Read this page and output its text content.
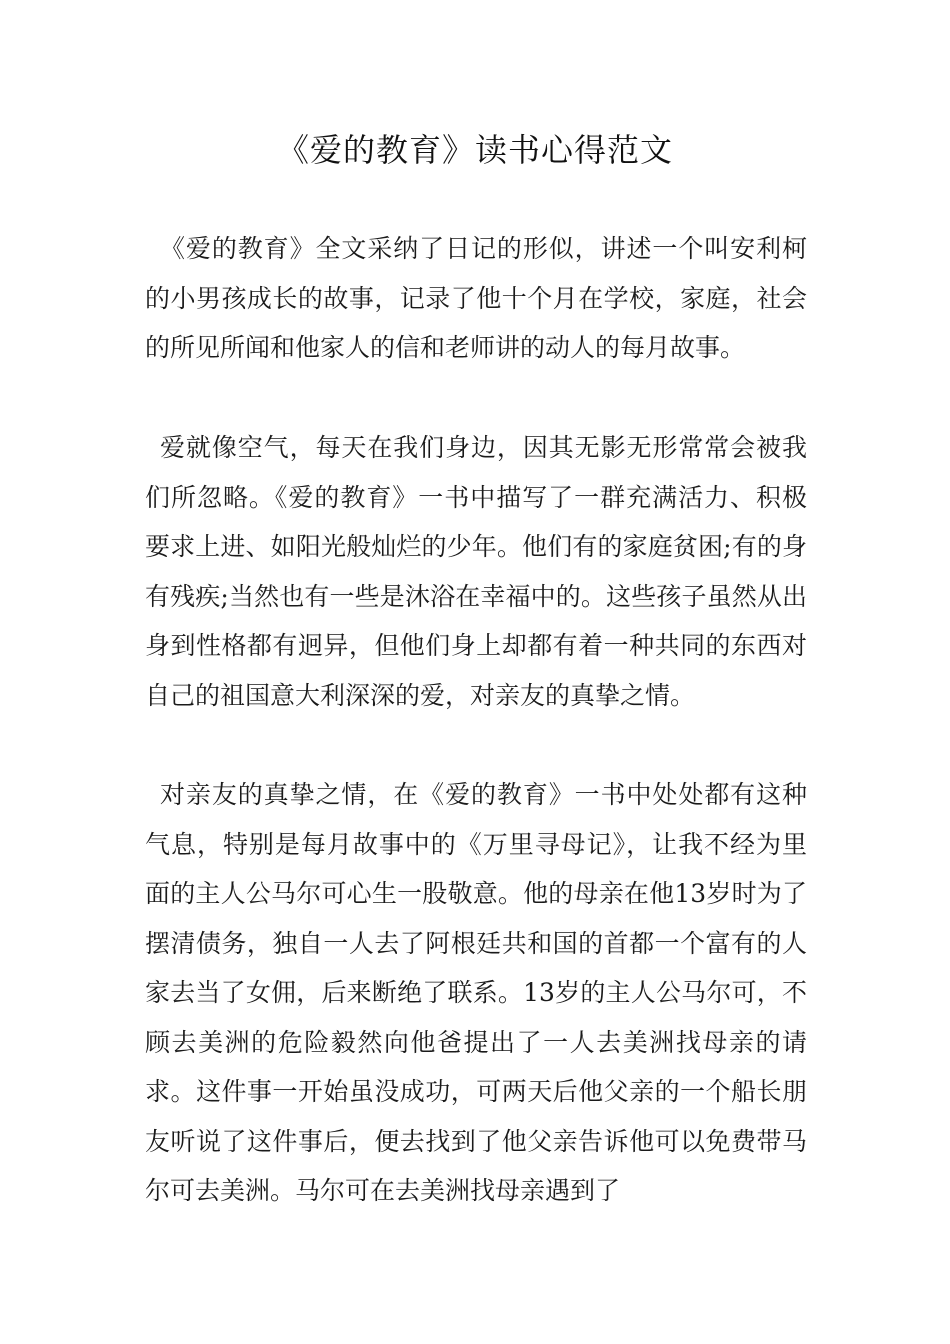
《爱的教育》读书心得范文

《爱的教育》全文采纳了日记的形似，讲述一个叫安利柯的小男孩成长的故事，记录了他十个月在学校，家庭，社会的所见所闻和他家人的信和老师讲的动人的每月故事。

爱就像空气，每天在我们身边，因其无影无形常常会被我们所忽略。《爱的教育》一书中描写了一群充满活力、积极要求上进、如阳光般灿烂的少年。他们有的家庭贫困;有的身有残疾;当然也有一些是沐浴在幸福中的。这些孩子虽然从出身到性格都有迥异，但他们身上却都有着一种共同的东西对自己的祖国意大利深深的爱，对亲友的真挚之情。

对亲友的真挚之情，在《爱的教育》一书中处处都有这种气息，特别是每月故事中的《万里寻母记》，让我不经为里面的主人公马尔可心生一股敬意。他的母亲在他13岁时为了摆清债务，独自一人去了阿根廷共和国的首都一个富有的人家去当了女佣，后来断绝了联系。13岁的主人公马尔可，不顾去美洲的危险毅然向他爸提出了一人去美洲找母亲的请求。这件事一开始虽没成功，可两天后他父亲的一个船长朋友听说了这件事后，便去找到了他父亲告诉他可以免费带马尔可去美洲。马尔可在去美洲找母亲遇到了
